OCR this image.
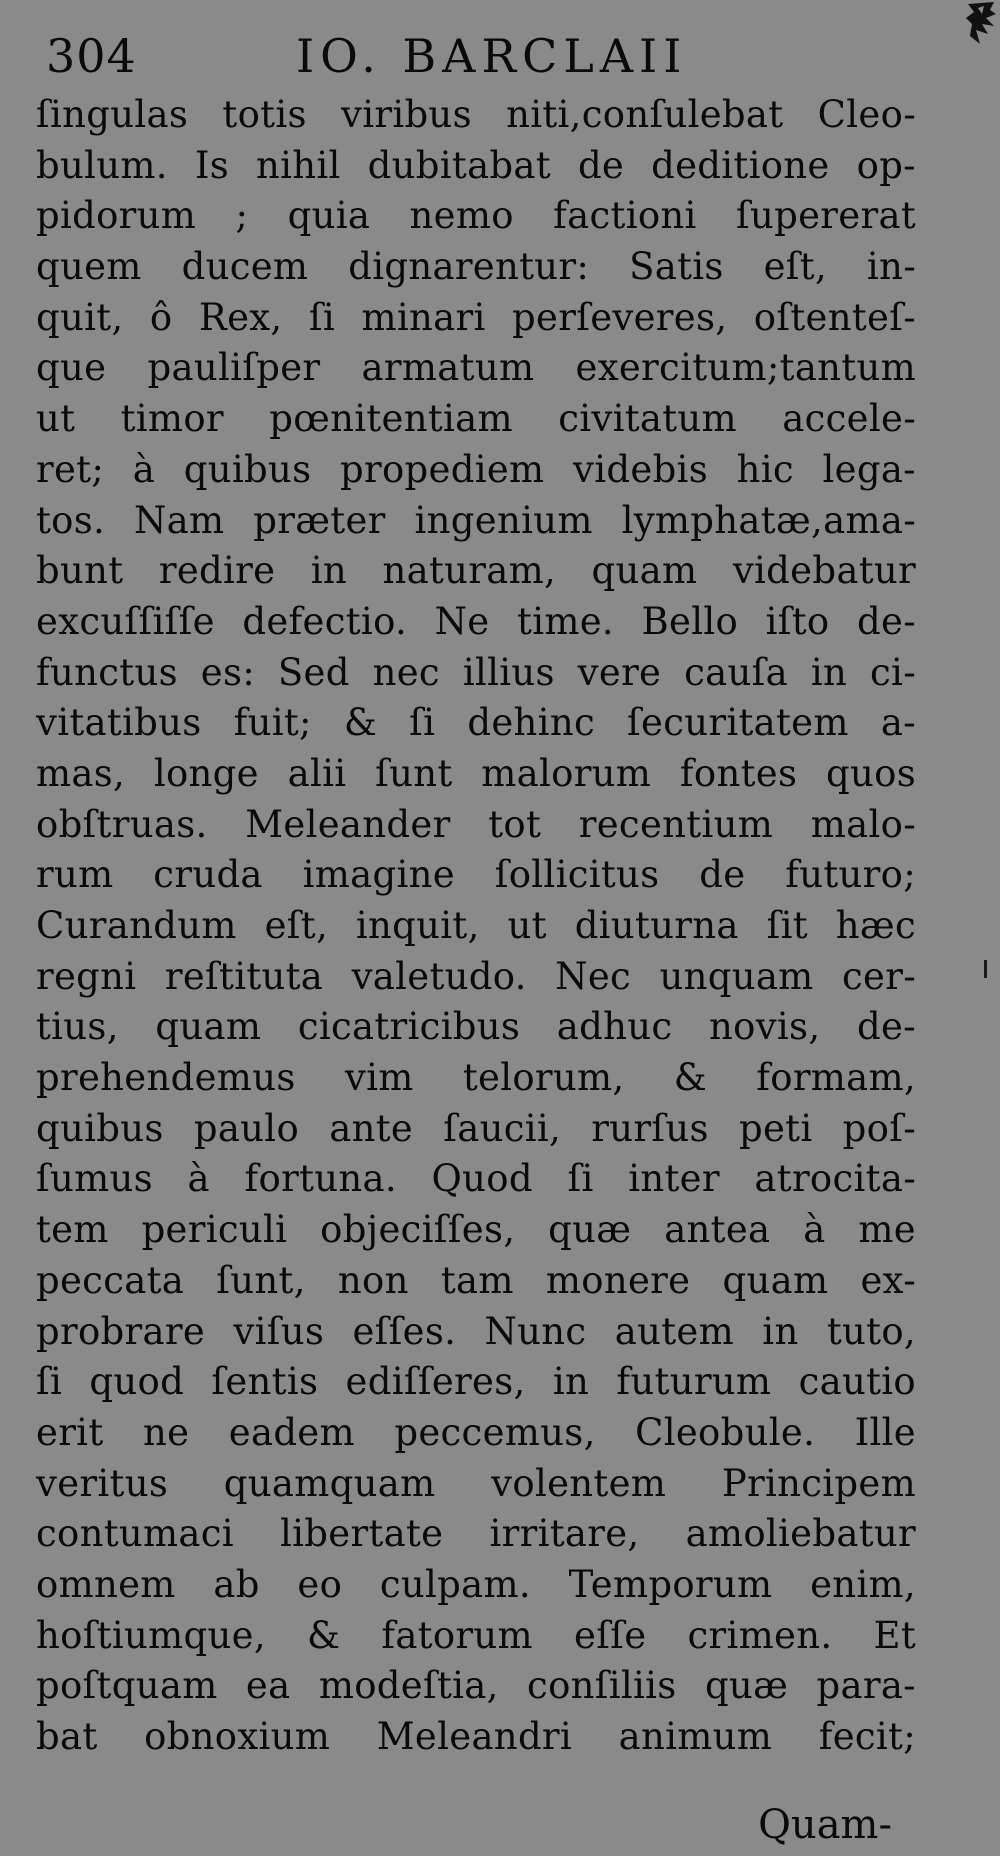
304	IO. BARCLAII
ſingulas totis viribus niti,conſulebat Cleo-
bulum. Is nihil dubitabat de deditione op-
pidorum ; quia nemo factioni ſupererat
quem ducem dignarentur: Satis eſt, in-
quit, ô Rex, ſi minari perſeveres, oſtenteſ-
que pauliſper armatum exercitum;tantum
ut timor pœnitentiam civitatum accele-
ret; à quibus propediem videbis hic lega-
tos. Nam præter ingenium lymphatæ,ama-
bunt redire in naturam, quam videbatur
excuſſiſſe defectio. Ne time. Bello iſto de-
functus es: Sed nec illius vere cauſa in ci-
vitatibus fuit; & ſi dehinc ſecuritatem a-
mas, longe alii ſunt malorum fontes quos
obſtruas. Meleander tot recentium malo-
rum cruda imagine ſollicitus de futuro;
Curandum eſt, inquit, ut diuturna ſit hæc
regni reſtituta valetudo. Nec unquam cer-
tius, quam cicatricibus adhuc novis, de-
prehendemus vim telorum, & formam,
quibus paulo ante ſaucii, rurſus peti poſ-
ſumus à fortuna. Quod ſi inter atrocita-
tem periculi objeciſſes, quæ antea à me
peccata ſunt, non tam monere quam ex-
probrare viſus eſſes. Nunc autem in tuto,
ſi quod ſentis ediſſeres, in futurum cautio
erit ne eadem peccemus, Cleobule. Ille
veritus quamquam volentem Principem
contumaci libertate irritare, amoliebatur
omnem ab eo culpam. Temporum enim,
hoſtiumque, & fatorum eſſe crimen. Et
poſtquam ea modeſtia, conſiliis quæ para-
bat obnoxium Meleandri animum fecit;
Quam-
